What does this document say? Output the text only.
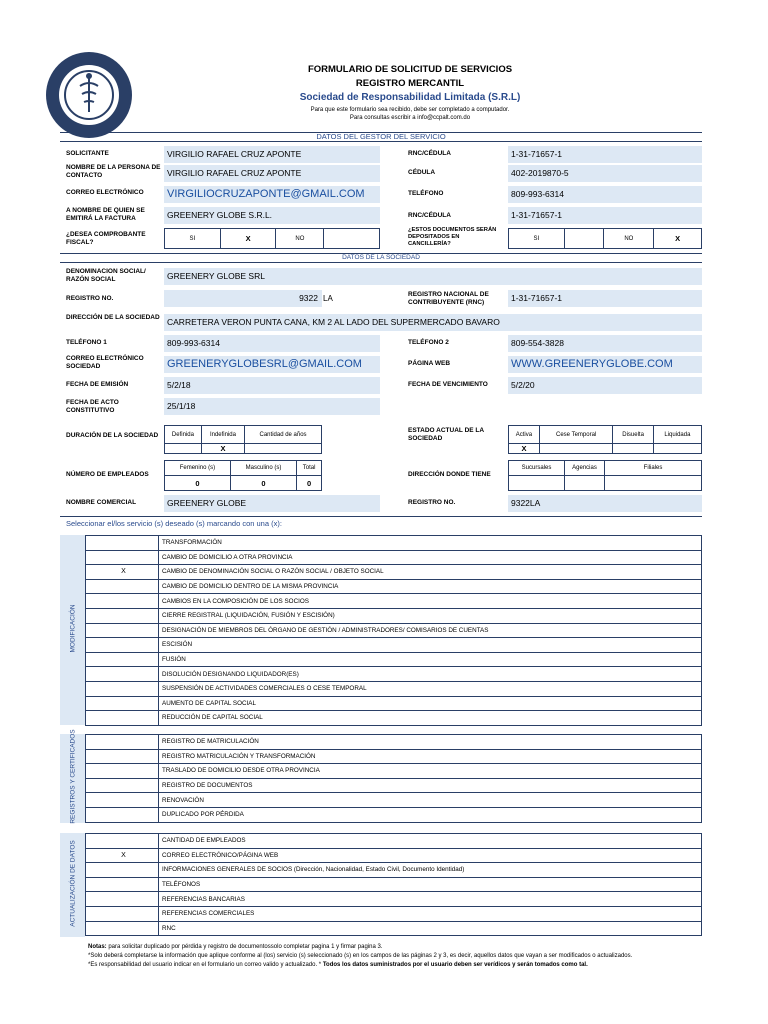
FORMULARIO DE SOLICITUD DE SERVICIOS
REGISTRO MERCANTIL
Sociedad de Responsabilidad Limitada (S.R.L)
Para que este formulario sea recibido, debe ser completado a computador.
Para consultas escribir a info@ccpalt.com.do
DATOS DEL GESTOR DEL SERVICIO
SOLICITANTE	VIRGILIO RAFAEL CRUZ APONTE	RNC/CÉDULA	1-31-71657-1
NOMBRE DE LA PERSONA DE CONTACTO	VIRGILIO RAFAEL CRUZ APONTE	CÉDULA	402-2019870-5
CORREO ELECTRÓNICO	VIRGILIOCRUZAPONTE@GMAIL.COM	TELÉFONO	809-993-6314
A NOMBRE DE QUIEN SE EMITIRÁ LA FACTURA	GREENERY GLOBE S.R.L.	RNC/CÉDULA	1-31-71657-1
¿DESEA COMPROBANTE FISCAL?
SI	X	NO	
¿ESTOS DOCUMENTOS SERÁN DEPOSITADOS EN CANCILLERÍA?
SI		NO	X
DATOS DE LA SOCIEDAD
DENOMINACION SOCIAL/ RAZÓN SOCIAL	GREENERY GLOBE SRL
REGISTRO NO.	9322 LA	REGISTRO NACIONAL DE CONTRIBUYENTE (RNC)	1-31-71657-1
DIRECCIÓN DE LA SOCIEDAD CARRETERA VERON PUNTA CANA, KM 2 AL LADO DEL SUPERMERCADO BAVARO
TELÉFONO 1	809-993-6314	TELÉFONO 2	809-554-3828
CORREO ELECTRÓNICO SOCIEDAD	GREENERYGLOBESRL@GMAIL.COM	PÁGINA WEB	WWW.GREENERYGLOBE.COM
FECHA DE EMISIÓN	5/2/18	FECHA DE VENCIMIENTO	5/2/20
FECHA DE ACTO CONSTITUTIVO	25/1/18
DURACIÓN DE LA SOCIEDAD	Definida	Indefinida	Cantidad de años
	X	
ESTADO ACTUAL DE LA SOCIEDAD
Activa	Cese Temporal	Disuelta	Liquidada
X			
NÚMERO DE EMPLEADOS
Femenino (s)	Masculino (s)	Total
0	0	0
DIRECCIÓN DONDE TIENE
Sucursales	Agencias	Filiales

NOMBRE COMERCIAL	GREENERY GLOBE	REGISTRO NO.	9322LA
Seleccionar el/los servicio (s) deseado (s) marcando con una (x):
MODIFICACIÓN
	TRANSFORMACIÓN
	CAMBIO DE DOMICILIO A OTRA PROVINCIA
X	CAMBIO DE DENOMINACIÓN SOCIAL O RAZÓN SOCIAL / OBJETO SOCIAL
	CAMBIO DE DOMICILIO DENTRO DE LA MISMA PROVINCIA
	CAMBIOS EN LA COMPOSICIÓN DE LOS SOCIOS
	CIERRE REGISTRAL (LIQUIDACIÓN, FUSIÓN Y ESCISIÓN)
	DESIGNACIÓN DE MIEMBROS DEL ÓRGANO DE GESTIÓN / ADMINISTRADORES/ COMISARIOS DE CUENTAS
	ESCISIÓN
	FUSIÓN
	DISOLUCIÓN DESIGNANDO LIQUIDADOR(ES)
	SUSPENSIÓN DE ACTIVIDADES COMERCIALES O CESE TEMPORAL
	AUMENTO DE CAPITAL SOCIAL
	REDUCCIÓN DE CAPITAL SOCIAL
REGISTROS Y CERTIFICADOS
		REGISTRO DE MATRICULACIÓN
	REGISTRO MATRICULACIÓN Y TRANSFORMACIÓN
	TRASLADO DE DOMICILIO DESDE OTRA PROVINCIA
	REGISTRO DE DOCUMENTOS
	RENOVACIÓN
	DUPLICADO POR PÉRDIDA
ACTUALIZACIÓN DE DATOS
		CANTIDAD DE EMPLEADOS
X	CORREO ELECTRÓNICO/PÁGINA WEB
	INFORMACIONES GENERALES DE SOCIOS (Dirección, Nacionalidad, Estado Civil, Documento Identidad)
	TELÉFONOS
	REFERENCIAS BANCARIAS
	REFERENCIAS COMERCIALES
	RNC
Notas: para solicitar duplicado por pérdida y registro de documentossolo completar pagina 1 y firmar pagina 3.
*Solo deberá completarse la información que aplique conforme al (los) servicio (s) seleccionado (s) en los campos de las páginas 2 y 3, es decir, aquellos datos que vayan a ser modificados o actualizados.
*Es responsabilidad del usuario indicar en el formulario un correo valido y actualizado. * Todos los datos suministrados por el usuario deben ser verídicos y serán tomados como tal.
